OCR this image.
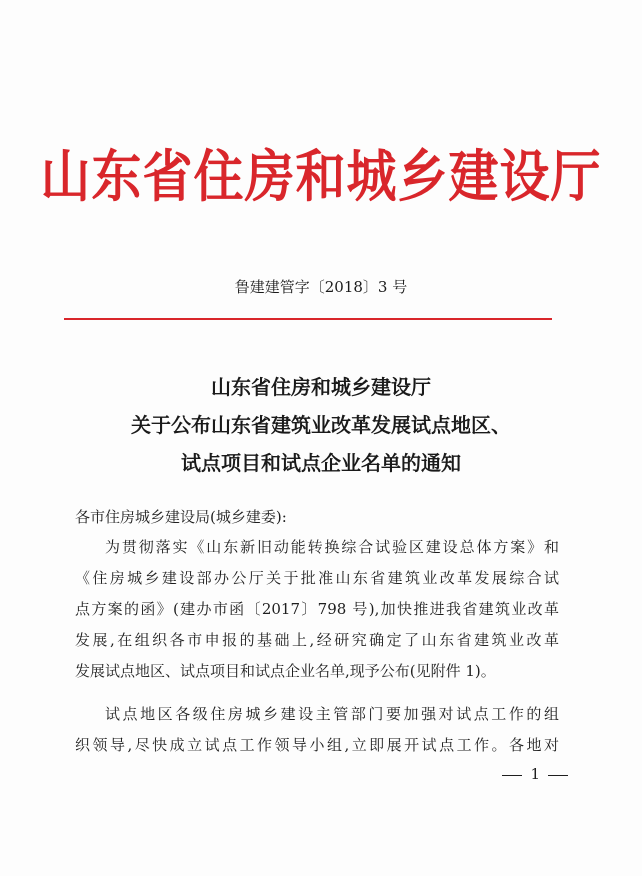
山东省住房和城乡建设厅
鲁建建管字〔2018〕3 号
山东省住房和城乡建设厅
关于公布山东省建筑业改革发展试点地区、
试点项目和试点企业名单的通知
各市住房城乡建设局(城乡建委):

为贯彻落实《山东新旧动能转换综合试验区建设总体方案》和
《住房城乡建设部办公厅关于批准山东省建筑业改革发展综合试
点方案的函》(建办市函〔2017〕798 号),加快推进我省建筑业改革
发展,在组织各市申报的基础上,经研究确定了山东省建筑业改革
发展试点地区、试点项目和试点企业名单,现予公布(见附件 1)。

试点地区各级住房城乡建设主管部门要加强对试点工作的组
织领导,尽快成立试点工作领导小组,立即展开试点工作。各地对

1
